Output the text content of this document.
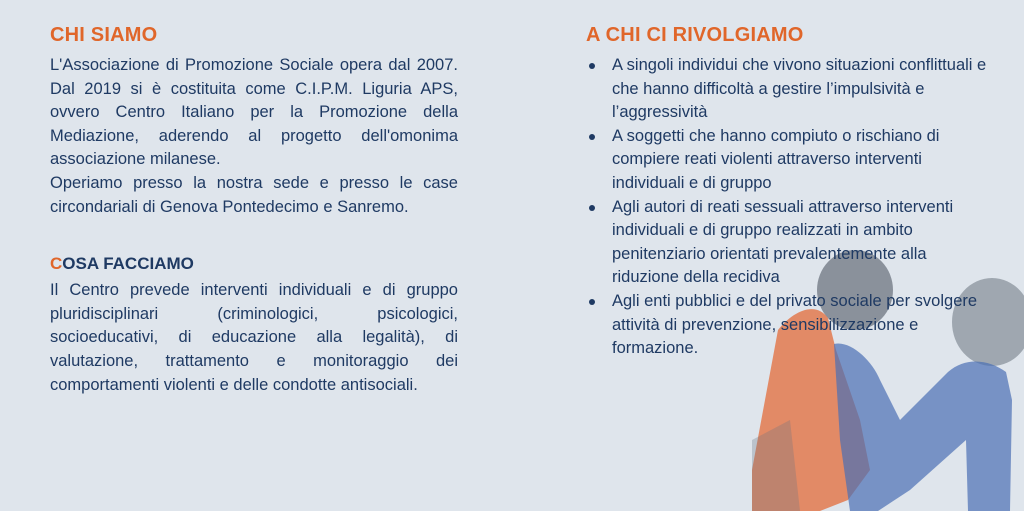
CHI SIAMO

L'Associazione di Promozione Sociale opera dal 2007. Dal 2019 si è costituita come C.I.P.M. Liguria APS, ovvero Centro Italiano per la Promozione della Mediazione, aderendo al progetto dell'omonima associazione milanese.

Operiamo presso la nostra sede e presso le case circondariali di Genova Pontedecimo e Sanremo.

COSA FACCIAMO

Il Centro prevede interventi individuali e di gruppo pluridisciplinari (criminologici, psicologici, socioeducativi, di educazione alla legalità), di valutazione, trattamento e monitoraggio dei comportamenti violenti e delle condotte antisociali.

A CHI CI RIVOLGIAMO
A singoli individui che vivono situazioni conflittuali e che hanno difficoltà a gestire l’impulsività e l’aggressività
A soggetti che hanno compiuto o rischiano di compiere reati violenti attraverso interventi individuali e di gruppo
Agli autori di reati sessuali attraverso interventi individuali e di gruppo realizzati in ambito penitenziario orientati prevalentemente alla riduzione della recidiva
Agli enti pubblici e del privato sociale per svolgere attività di prevenzione, sensibilizzazione e formazione.
